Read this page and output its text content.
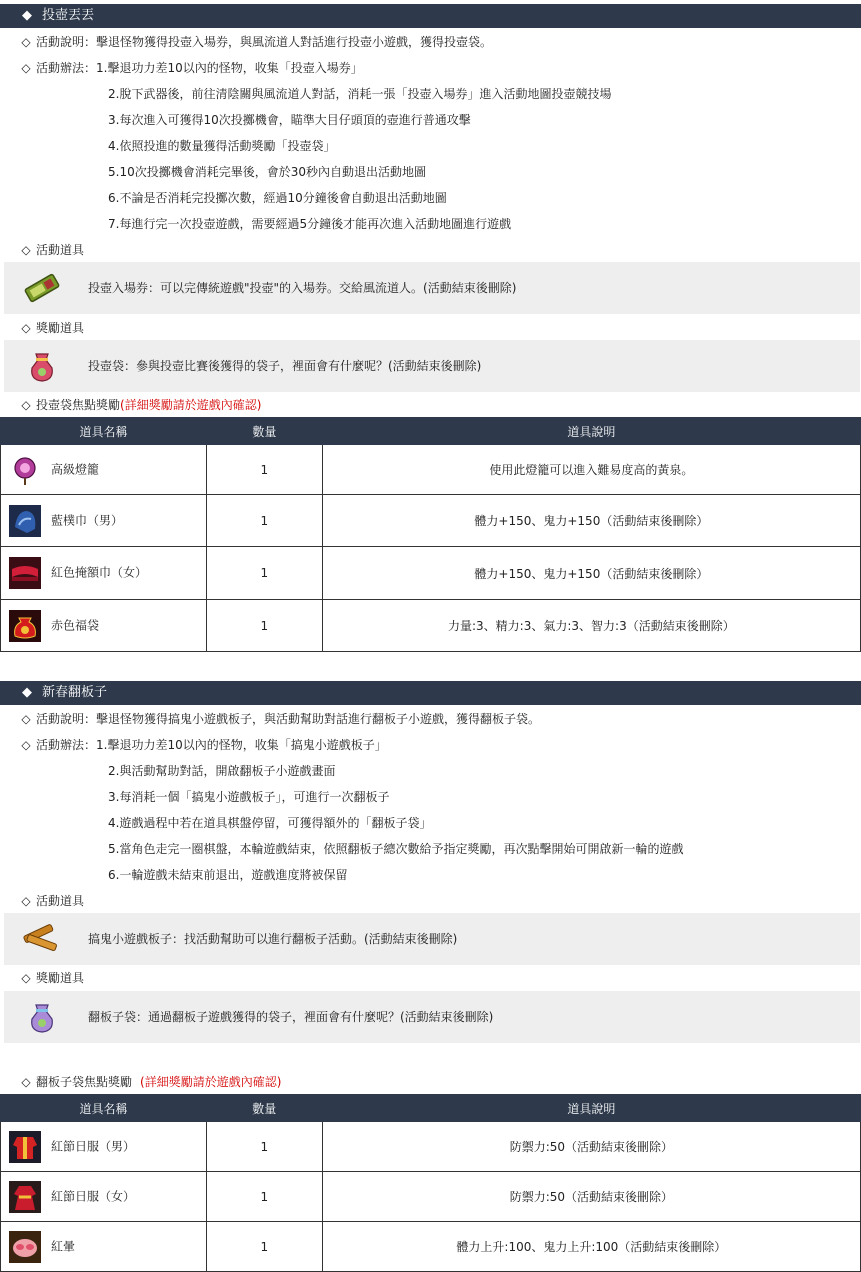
◆ 投壺丟丟
◇ 活動說明：擊退怪物獲得投壺入場券，與風流道人對話進行投壺小遊戲，獲得投壺袋。
◇ 活動辦法：1.擊退功力差10以內的怪物，收集「投壺入場券」
2.脫下武器後，前往清陰關與風流道人對話，消耗一張「投壺入場券」進入活動地圖投壺競技場
3.每次進入可獲得10次投擲機會，瞄準大目仔頭頂的壺進行普通攻擊
4.依照投進的數量獲得活動獎勵「投壺袋」
5.10次投擲機會消耗完畢後，會於30秒內自動退出活動地圖
6.不論是否消耗完投擲次數，經過10分鐘後會自動退出活動地圖
7.每進行完一次投壺遊戲，需要經過5分鐘後才能再次進入活動地圖進行遊戲
◇ 活動道具
投壺入場券：可以完傳統遊戲"投壺"的入場券。交給風流道人。(活動結束後刪除)
◇ 獎勵道具
投壺袋：參與投壺比賽後獲得的袋子，裡面會有什麼呢？(活動結束後刪除)
◇ 投壺袋焦點獎勵(詳細獎勵請於遊戲內確認)
道具名稱	數量	道具說明

高級燈籠	1	使用此燈籠可以進入難易度高的黃泉。

藍樸巾（男）	1	體力+150、鬼力+150（活動結束後刪除）

紅色掩額巾（女）	1	體力+150、鬼力+150（活動結束後刪除）

赤色福袋	1	力量:3、精力:3、氣力:3、智力:3（活動結束後刪除）
◆ 新春翻板子
◇ 活動說明：擊退怪物獲得搞鬼小遊戲板子，與活動幫助對話進行翻板子小遊戲，獲得翻板子袋。
◇ 活動辦法：1.擊退功力差10以內的怪物，收集「搞鬼小遊戲板子」
2.與活動幫助對話，開啟翻板子小遊戲畫面
3.每消耗一個「搞鬼小遊戲板子」，可進行一次翻板子
4.遊戲過程中若在道具棋盤停留，可獲得額外的「翻板子袋」
5.當角色走完一圈棋盤，本輪遊戲結束，依照翻板子總次數給予指定獎勵，再次點擊開始可開啟新一輪的遊戲
6.一輪遊戲未結束前退出，遊戲進度將被保留
◇ 活動道具
搞鬼小遊戲板子：找活動幫助可以進行翻板子活動。(活動結束後刪除)
◇ 獎勵道具
翻板子袋：通過翻板子遊戲獲得的袋子，裡面會有什麼呢？(活動結束後刪除)
◇ 翻板子袋焦點獎勵 (詳細獎勵請於遊戲內確認)
道具名稱	數量	道具說明

紅節日服（男）	1	防禦力:50（活動結束後刪除）

紅節日服（女）	1	防禦力:50（活動結束後刪除）

紅暈	1	體力上升:100、鬼力上升:100（活動結束後刪除）
